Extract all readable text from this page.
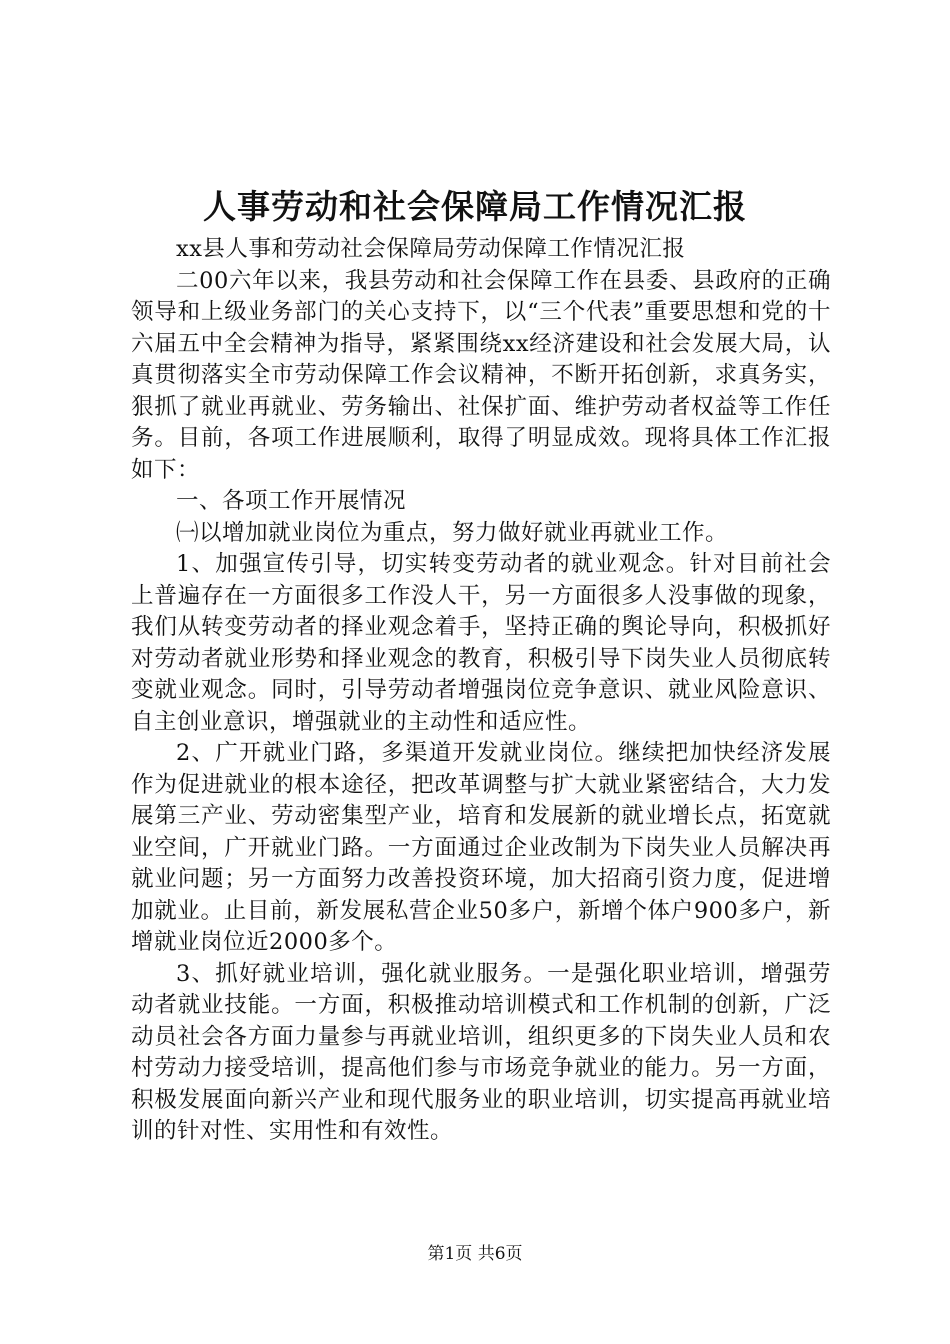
人事劳动和社会保障局工作情况汇报

xx县人事和劳动社会保障局劳动保障工作情况汇报

二00六年以来，我县劳动和社会保障工作在县委、县政府的正确领导和上级业务部门的关心支持下，以“三个代表”重要思想和党的十六届五中全会精神为指导，紧紧围绕xx经济建设和社会发展大局，认真贯彻落实全市劳动保障工作会议精神，不断开拓创新，求真务实，狠抓了就业再就业、劳务输出、社保扩面、维护劳动者权益等工作任务。目前，各项工作进展顺利，取得了明显成效。现将具体工作汇报如下：

一、各项工作开展情况

㈠以增加就业岗位为重点，努力做好就业再就业工作。

1、加强宣传引导，切实转变劳动者的就业观念。针对目前社会上普遍存在一方面很多工作没人干，另一方面很多人没事做的现象，我们从转变劳动者的择业观念着手，坚持正确的舆论导向，积极抓好对劳动者就业形势和择业观念的教育，积极引导下岗失业人员彻底转变就业观念。同时，引导劳动者增强岗位竞争意识、就业风险意识、自主创业意识，增强就业的主动性和适应性。

2、广开就业门路，多渠道开发就业岗位。继续把加快经济发展作为促进就业的根本途径，把改革调整与扩大就业紧密结合，大力发展第三产业、劳动密集型产业，培育和发展新的就业增长点，拓宽就业空间，广开就业门路。一方面通过企业改制为下岗失业人员解决再就业问题；另一方面努力改善投资环境，加大招商引资力度，促进增加就业。止目前，新发展私营企业50多户，新增个体户900多户，新增就业岗位近2000多个。

3、抓好就业培训，强化就业服务。一是强化职业培训，增强劳动者就业技能。一方面，积极推动培训模式和工作机制的创新，广泛动员社会各方面力量参与再就业培训，组织更多的下岗失业人员和农村劳动力接受培训，提高他们参与市场竞争就业的能力。另一方面，积极发展面向新兴产业和现代服务业的职业培训，切实提高再就业培训的针对性、实用性和有效性。

第1页 共6页
